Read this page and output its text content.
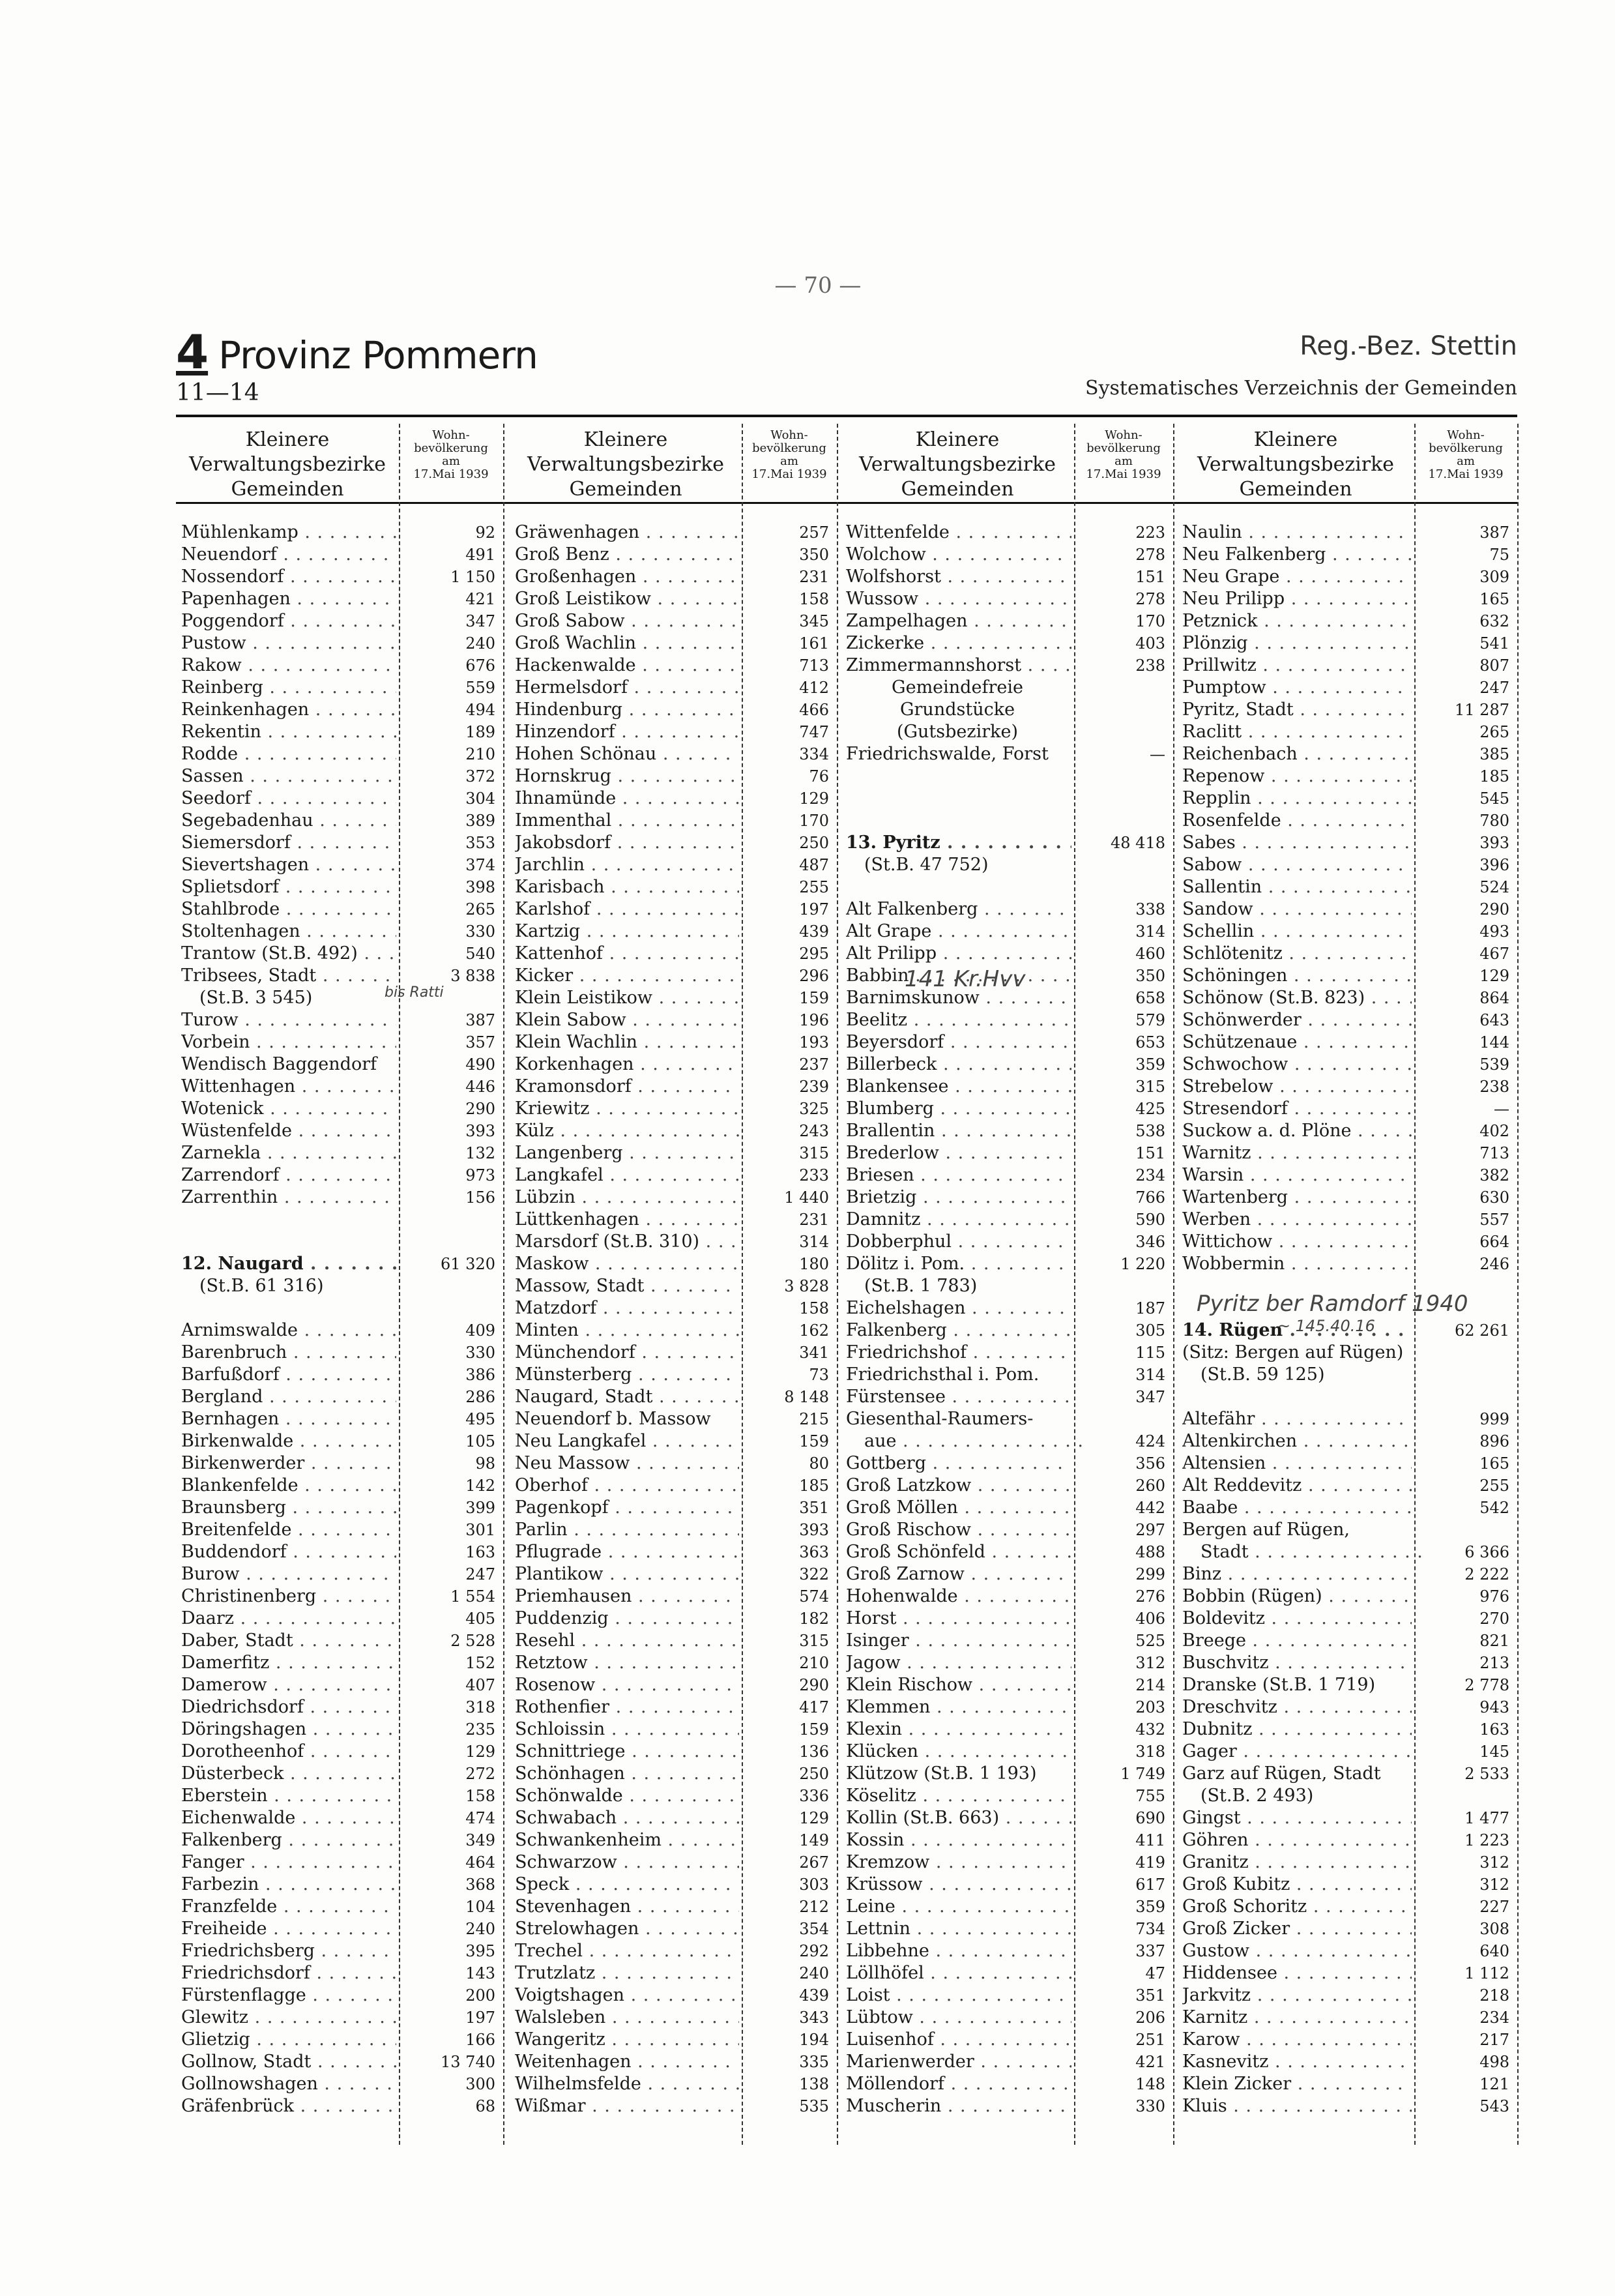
— 70 —
4 Provinz Pommern	Reg.-Bez. Stettin
11—14	Systematisches Verzeichnis der Gemeinden
Kleinere
Verwaltungsbezirke
Gemeinden
Wohn-
bevölkerung
am
17.Mai 1939
Mühlenkamp . . .	92
Neuendorf . . .	491
Nossendorf . . .	1 150
Papenhagen . . .	421
Poggendorf . . .	347
Pustow . . .	240
Rakow . . .	676
Reinberg . . .	559
Reinkenhagen . . .	494
Rekentin . . .	189
Rodde . . .	210
Sassen . . .	372
Seedorf . . .	304
Segebadenhau . . .	389
Siemersdorf . . .	353
Sievertshagen . . .	374
Splietsdorf . . .	398
Stahlbrode . . .	265
Stoltenhagen . . .	330
Trantow (St.B. 492) . . .	540
Tribsees, Stadt . . .	3 838
(St.B. 3 545)
Turow . . .	387
Vorbein . . .	357
Wendisch Baggendorf	490
Wittenhagen . . .	446
Wotenick . . .	290
Wüstenfelde . . .	393
Zarnekla . . .	132
Zarrendorf . . .	973
Zarrenthin . . .	156
12. Naugard . . .	61 320
(St.B. 61 316)
Arnimswalde . . .	409
Barenbruch . . .	330
Barfußdorf . . .	386
Bergland . . .	286
Bernhagen . . .	495
Birkenwalde . . .	105
Birkenwerder . . .	98
Blankenfelde . . .	142
Braunsberg . . .	399
Breitenfelde . . .	301
Buddendorf . . .	163
Burow . . .	247
Christinenberg . . .	1 554
Daarz . . .	405
Daber, Stadt . . .	2 528
Damerfitz . . .	152
Damerow . . .	407
Diedrichsdorf . . .	318
Döringshagen . . .	235
Dorotheenhof . . .	129
Düsterbeck . . .	272
Eberstein . . .	158
Eichenwalde . . .	474
Falkenberg . . .	349
Fanger . . .	464
Farbezin . . .	368
Franzfelde . . .	104
Freiheide . . .	240
Friedrichsberg . . .	395
Friedrichsdorf . . .	143
Fürstenflagge . . .	200
Glewitz . . .	197
Glietzig . . .	166
Gollnow, Stadt . . .	13 740
Gollnowshagen . . .	300
Gräfenbrück . . .	68
Kleinere
Verwaltungsbezirke
Gemeinden
Wohn-
bevölkerung
am
17.Mai 1939
Gräwenhagen . . .	257
Groß Benz . . .	350
Großenhagen . . .	231
Groß Leistikow . . .	158
Groß Sabow . . .	345
Groß Wachlin . . .	161
Hackenwalde . . .	713
Hermelsdorf . . .	412
Hindenburg . . .	466
Hinzendorf . . .	747
Hohen Schönau . . .	334
Hornskrug . . .	76
Ihnamünde . . .	129
Immenthal . . .	170
Jakobsdorf . . .	250
Jarchlin . . .	487
Karisbach . . .	255
Karlshof . . .	197
Kartzig . . .	439
Kattenhof . . .	295
Kicker . . .	296
Klein Leistikow . . .	159
Klein Sabow . . .	196
Klein Wachlin . . .	193
Korkenhagen . . .	237
Kramonsdorf . . .	239
Kriewitz . . .	325
Külz . . .	243
Langenberg . . .	315
Langkafel . . .	233
Lübzin . . .	1 440
Lüttkenhagen . . .	231
Marsdorf (St.B. 310) . . .	314
Maskow . . .	180
Massow, Stadt . . .	3 828
Matzdorf . . .	158
Minten . . .	162
Münchendorf . . .	341
Münsterberg . . .	73
Naugard, Stadt . . .	8 148
Neuendorf b. Massow	215
Neu Langkafel . . .	159
Neu Massow . . .	80
Oberhof . . .	185
Pagenkopf . . .	351
Parlin . . .	393
Pflugrade . . .	363
Plantikow . . .	322
Priemhausen . . .	574
Puddenzig . . .	182
Resehl . . .	315
Retztow . . .	210
Rosenow . . .	290
Rothenfier . . .	417
Schloissin . . .	159
Schnittriege . . .	136
Schönhagen . . .	250
Schönwalde . . .	336
Schwabach . . .	129
Schwankenheim . . .	149
Schwarzow . . .	267
Speck . . .	303
Stevenhagen . . .	212
Strelowhagen . . .	354
Trechel . . .	292
Trutzlatz . . .	240
Voigtshagen . . .	439
Walsleben . . .	343
Wangeritz . . .	194
Weitenhagen . . .	335
Wilhelmsfelde . . .	138
Wißmar . . .	535
Kleinere
Verwaltungsbezirke
Gemeinden
Wohn-
bevölkerung
am
17.Mai 1939
Wittenfelde . . .	223
Wolchow . . .	278
Wolfshorst . . .	151
Wussow . . .	278
Zampelhagen . . .	170
Zickerke . . .	403
Zimmermannshorst . . .	238
Gemeindefreie
Grundstücke
(Gutsbezirke)
Friedrichswalde, Forst	—
13. Pyritz . . .	48 418
(St.B. 47 752)
Alt Falkenberg . . .	338
Alt Grape . . .	314
Alt Prilipp . . .	460
Babbin . . .	350
Barnimskunow . . .	658
Beelitz . . .	579
Beyersdorf . . .	653
Billerbeck . . .	359
Blankensee . . .	315
Blumberg . . .	425
Brallentin . . .	538
Brederlow . . .	151
Briesen . . .	234
Brietzig . . .	766
Damnitz . . .	590
Dobberphul . . .	346
Dölitz i. Pom. . . .	1 220
(St.B. 1 783)
Eichelshagen . . .	187
Falkenberg . . .	305
Friedrichshof . . .	115
Friedrichsthal i. Pom.	314
Fürstensee . . .	347
Giesenthal-Raumers-
aue . . .	424
Gottberg . . .	356
Groß Latzkow . . .	260
Groß Möllen . . .	442
Groß Rischow . . .	297
Groß Schönfeld . . .	488
Groß Zarnow . . .	299
Hohenwalde . . .	276
Horst . . .	406
Isinger . . .	525
Jagow . . .	312
Klein Rischow . . .	214
Klemmen . . .	203
Klexin . . .	432
Klücken . . .	318
Klützow (St.B. 1 193)	1 749
Köselitz . . .	755
Kollin (St.B. 663) . . .	690
Kossin . . .	411
Kremzow . . .	419
Krüssow . . .	617
Leine . . .	359
Lettnin . . .	734
Libbehne . . .	337
Löllhöfel . . .	47
Loist . . .	351
Lübtow . . .	206
Luisenhof . . .	251
Marienwerder . . .	421
Möllendorf . . .	148
Muscherin . . .	330
Kleinere
Verwaltungsbezirke
Gemeinden
Wohn-
bevölkerung
am
17.Mai 1939
Naulin . . .	387
Neu Falkenberg . . .	75
Neu Grape . . .	309
Neu Prilipp . . .	165
Petznick . . .	632
Plönzig . . .	541
Prillwitz . . .	807
Pumptow . . .	247
Pyritz, Stadt . . .	11 287
Raclitt . . .	265
Reichenbach . . .	385
Repenow . . .	185
Repplin . . .	545
Rosenfelde . . .	780
Sabes . . .	393
Sabow . . .	396
Sallentin . . .	524
Sandow . . .	290
Schellin . . .	493
Schlötenitz . . .	467
Schöningen . . .	129
Schönow (St.B. 823) . . .	864
Schönwerder . . .	643
Schützenaue . . .	144
Schwochow . . .	539
Strebelow . . .	238
Stresendorf . . .	—
Suckow a. d. Plöne . . .	402
Warnitz . . .	713
Warsin . . .	382
Wartenberg . . .	630
Werben . . .	557
Wittichow . . .	664
Wobbermin . . .	246
14. Rügen . . .	62 261
(Sitz: Bergen auf Rügen)
(St.B. 59 125)
Altefähr . . .	999
Altenkirchen . . .	896
Altensien . . .	165
Alt Reddevitz . . .	255
Baabe . . .	542
Bergen auf Rügen,
Stadt . . .	6 366
Binz . . .	2 222
Bobbin (Rügen) . . .	976
Boldevitz . . .	270
Breege . . .	821
Buschvitz . . .	213
Dranske (St.B. 1 719)	2 778
Dreschvitz . . .	943
Dubnitz . . .	163
Gager . . .	145
Garz auf Rügen, Stadt	2 533
(St.B. 2 493)
Gingst . . .	1 477
Göhren . . .	1 223
Granitz . . .	312
Groß Kubitz . . .	312
Groß Schoritz . . .	227
Groß Zicker . . .	308
Gustow . . .	640
Hiddensee . . .	1 112
Jarkvitz . . .	218
Karnitz . . .	234
Karow . . .	217
Kasnevitz . . .	498
Klein Zicker . . .	121
Kluis . . .	543
141 Kr.Hvv
bis Ratti
Pyritz ber Ramdorf 1940
~ 145.40.16
